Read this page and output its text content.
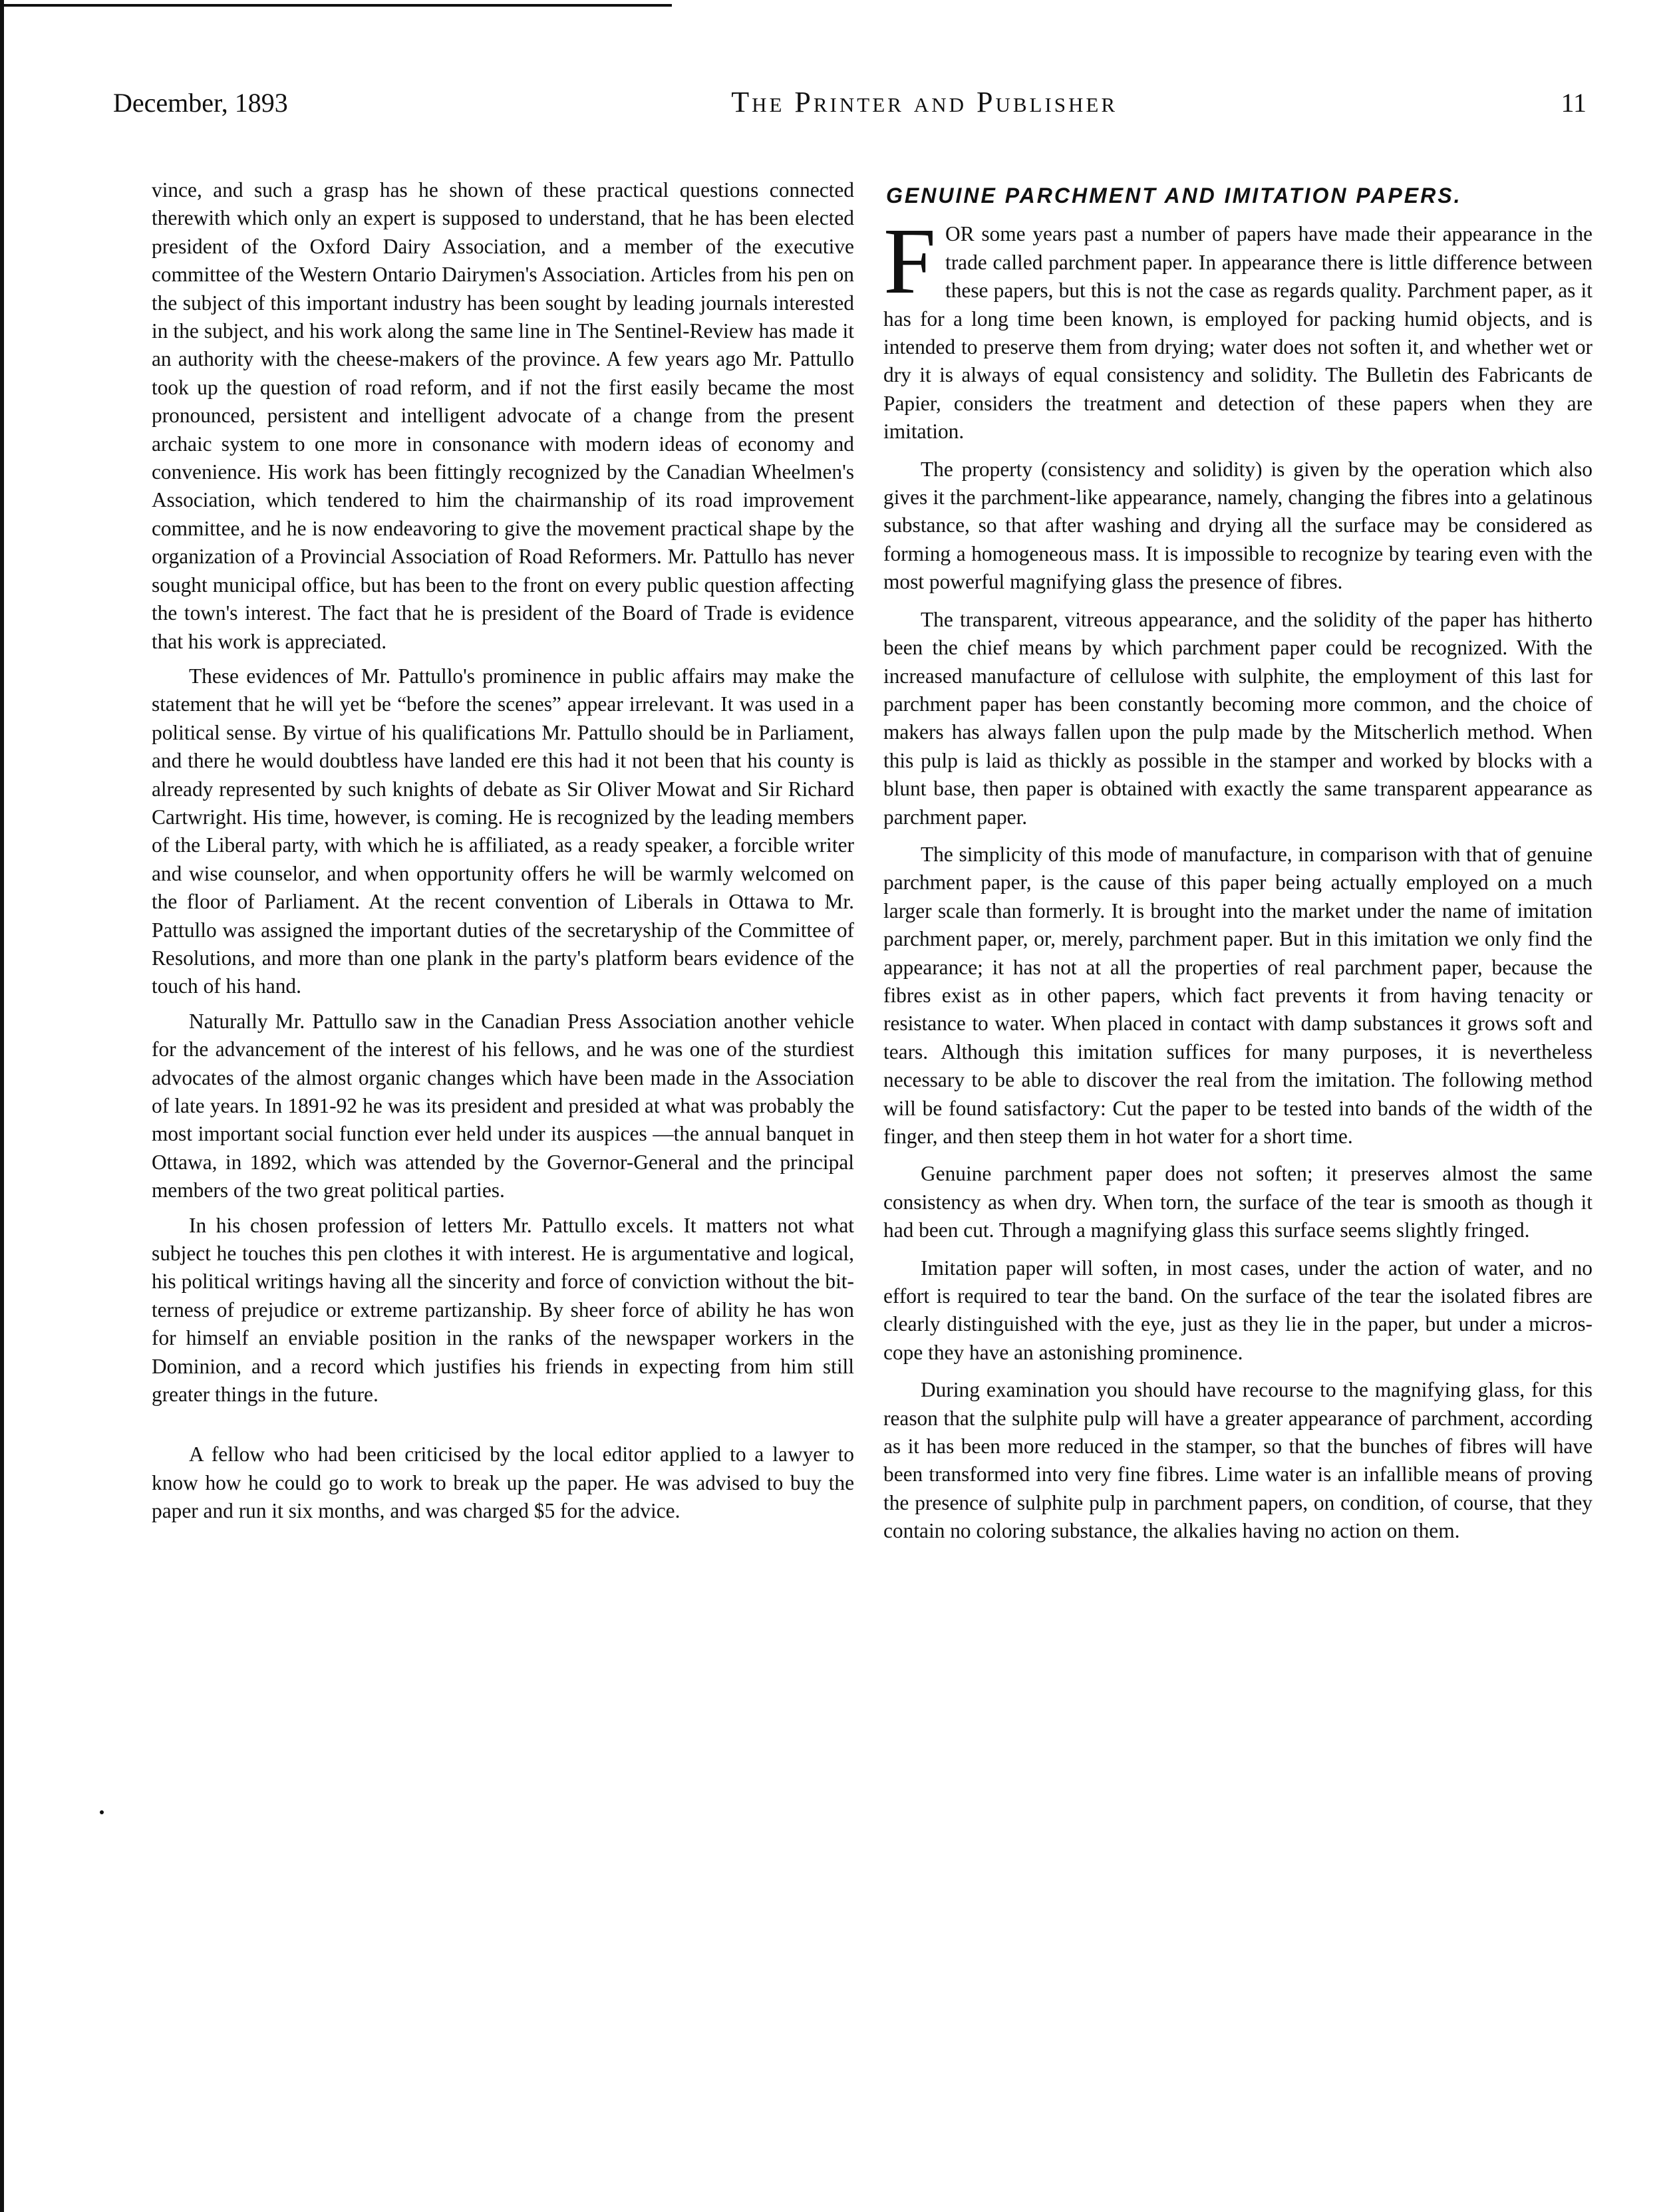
December, 1893	The Printer and Publisher	11

vince, and such a grasp has he shown of these practical questions connected therewith which only an expert is supposed to understand, that he has been elected president of the Oxford Dairy Association, and a member of the executive committee of the Western Ontario Dairymen's Association. Articles from his pen on the subject of this important industry has been sought by leading journals interested in the subject, and his work along the same line in The Sentinel-Review has made it an authority with the cheese-makers of the province. A few years ago Mr. Pattullo took up the question of road reform, and if not the first easily became the most pronounced, persistent and intelligent advocate of a change from the present archaic system to one more in consonance with modern ideas of economy and convenience. His work has been fittingly recognized by the Canadian Wheelmen's Association, which tendered to him the chairmanship of its road improvement committee, and he is now endeavoring to give the movement practical shape by the organization of a Provincial Association of Road Reformers. Mr. Pattullo has never sought municipal office, but has been to the front on every public question affecting the town's interest. The fact that he is president of the Board of Trade is evidence that his work is appreciated.

These evidences of Mr. Pattullo's prominence in public affairs may make the statement that he will yet be “before the scenes” appear irrelevant. It was used in a political sense. By virtue of his qualifications Mr. Pattullo should be in Parliament, and there he would doubtless have landed ere this had it not been that his county is already represented by such knights of debate as Sir Oliver Mowat and Sir Richard Cartwright. His time, however, is coming. He is recognized by the leading members of the Liberal party, with which he is affiliated, as a ready speaker, a forcible writer and wise counselor, and when opportunity offers he will be warmly welcomed on the floor of Parliament. At the recent convention of Liberals in Ottawa to Mr. Pattullo was assigned the important duties of the secretaryship of the Committee of Resolutions, and more than one plank in the party's platform bears evidence of the touch of his hand.

Naturally Mr. Pattullo saw in the Canadian Press Association another vehicle for the advancement of the interest of his fellows, and he was one of the sturdiest advocates of the almost organic changes which have been made in the Association of late years. In 1891-92 he was its president and presided at what was probably the most important social function ever held under its auspices —the annual banquet in Ottawa, in 1892, which was attended by the Governor-General and the principal members of the two great political parties.

In his chosen profession of letters Mr. Pattullo excels. It matters not what subject he touches this pen clothes it with interest. He is argumentative and logical, his political writings having all the sincerity and force of conviction without the bitterness of prejudice or extreme partizanship. By sheer force of ability he has won for himself an enviable position in the ranks of the newspaper workers in the Dominion, and a record which justifies his friends in expecting from him still greater things in the future.

A fellow who had been criticised by the local editor applied to a lawyer to know how he could go to work to break up the paper. He was advised to buy the paper and run it six months, and was charged $5 for the advice.

GENUINE PARCHMENT AND IMITATION PAPERS.

FOR some years past a number of papers have made their appearance in the trade called parchment paper. In appearance there is little difference between these papers, but this is not the case as regards quality. Parchment paper, as it has for a long time been known, is employed for packing humid objects, and is intended to preserve them from drying; water does not soften it, and whether wet or dry it is always of equal consistency and solidity. The Bulletin des Fabricants de Papier, considers the treatment and detection of these papers when they are imitation.

The property (consistency and solidity) is given by the operation which also gives it the parchment-like appearance, namely, changing the fibres into a gelatinous substance, so that after washing and drying all the surface may be considered as forming a homogeneous mass. It is impossible to recognize by tearing even with the most powerful magnifying glass the presence of fibres.

The transparent, vitreous appearance, and the solidity of the paper has hitherto been the chief means by which parchment paper could be recognized. With the increased manufacture of cellulose with sulphite, the employment of this last for parchment paper has been constantly becoming more common, and the choice of makers has always fallen upon the pulp made by the Mitscherlich method. When this pulp is laid as thickly as possible in the stamper and worked by blocks with a blunt base, then paper is obtained with exactly the same transparent appearance as parchment paper.

The simplicity of this mode of manufacture, in comparison with that of genuine parchment paper, is the cause of this paper being actually employed on a much larger scale than formerly. It is brought into the market under the name of imitation parchment paper, or, merely, parchment paper. But in this imitation we only find the appearance; it has not at all the properties of real parchment paper, because the fibres exist as in other papers, which fact prevents it from having tenacity or resistance to water. When placed in contact with damp substances it grows soft and tears. Although this imitation suffices for many purposes, it is nevertheless necessary to be able to discover the real from the imitation. The following method will be found satisfactory: Cut the paper to be tested into bands of the width of the finger, and then steep them in hot water for a short time.

Genuine parchment paper does not soften; it preserves almost the same consistency as when dry. When torn, the surface of the tear is smooth as though it had been cut. Through a magnifying glass this surface seems slightly fringed.

Imitation paper will soften, in most cases, under the action of water, and no effort is required to tear the band. On the surface of the tear the isolated fibres are clearly distinguished with the eye, just as they lie in the paper, but under a microscope they have an astonishing prominence.

During examination you should have recourse to the magnifying glass, for this reason that the sulphite pulp will have a greater appearance of parchment, according as it has been more reduced in the stamper, so that the bunches of fibres will have been transformed into very fine fibres. Lime water is an infallible means of proving the presence of sulphite pulp in parchment papers, on condition, of course, that they contain no coloring substance, the alkalies having no action on them.
